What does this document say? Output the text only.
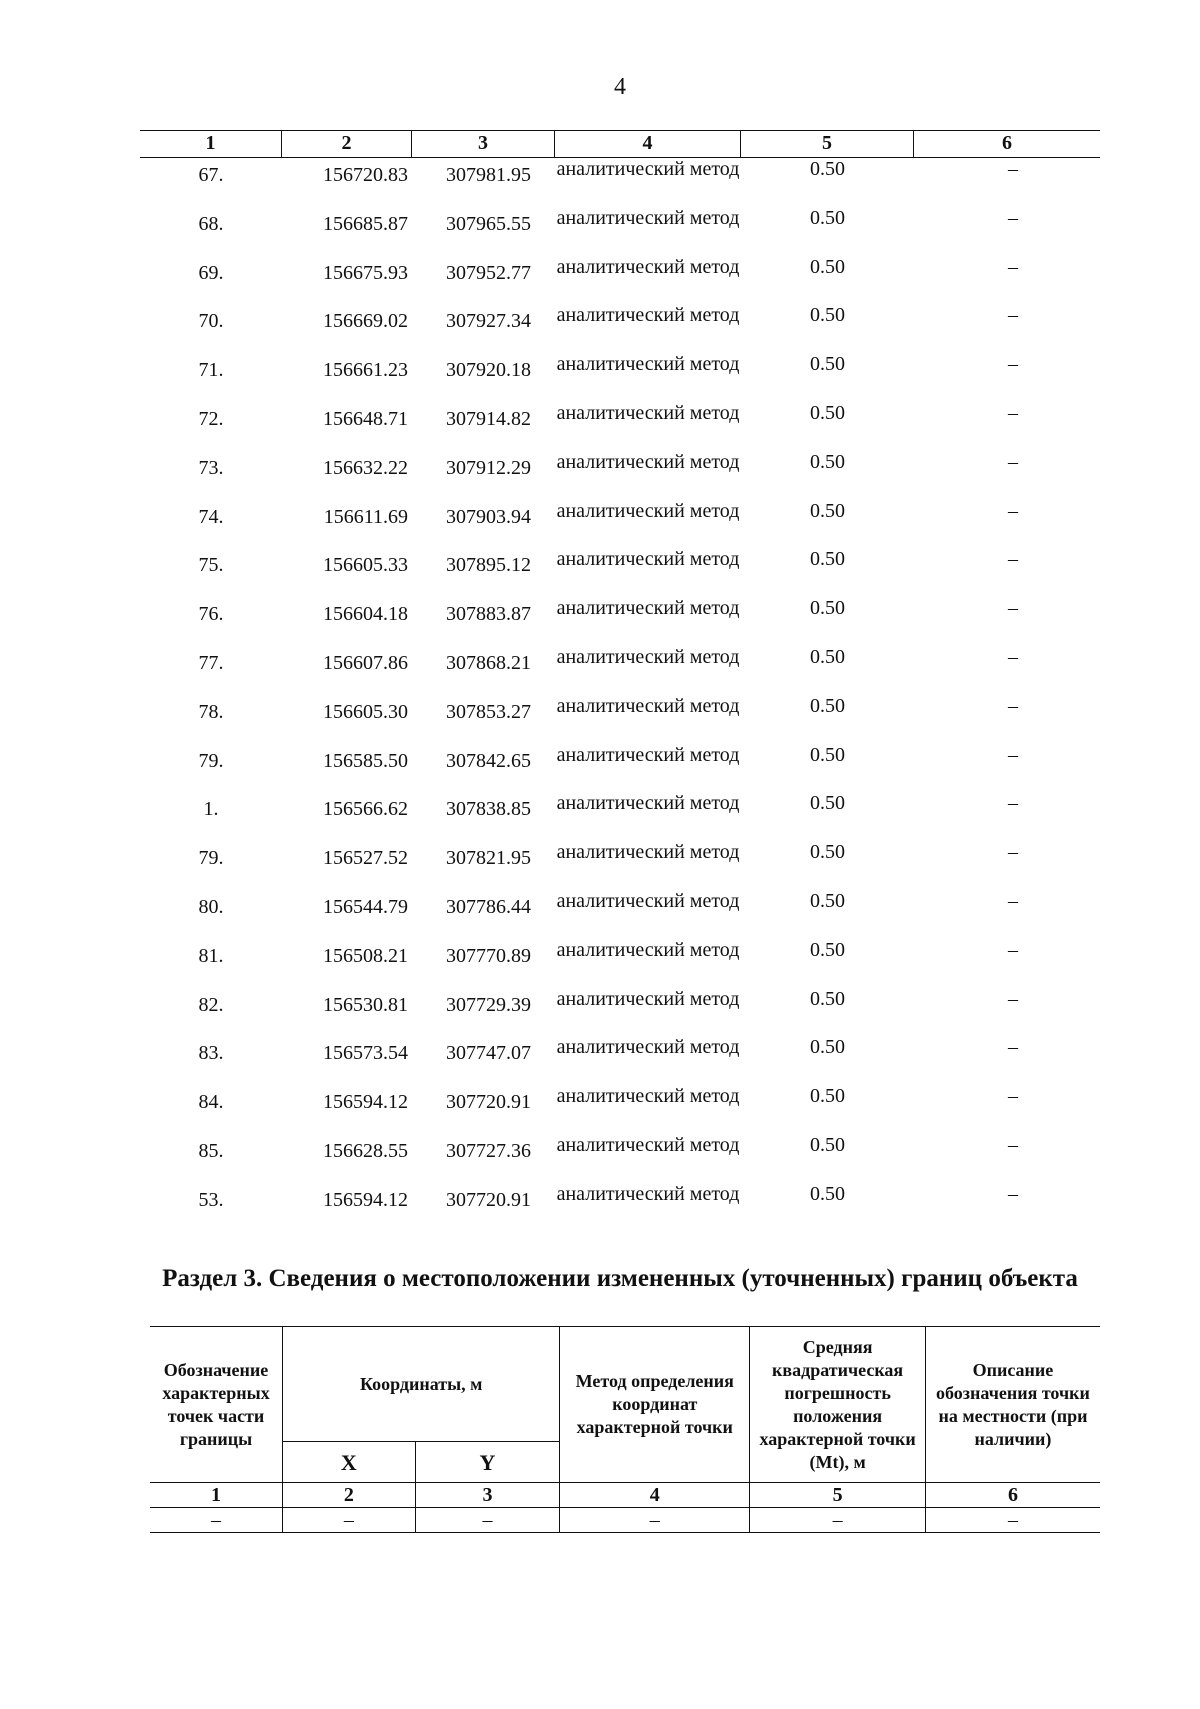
4
1	2	3	4	5	6
67.	156720.83	307981.95	аналитический метод	0.50	–
68.	156685.87	307965.55	аналитический метод	0.50	–
69.	156675.93	307952.77	аналитический метод	0.50	–
70.	156669.02	307927.34	аналитический метод	0.50	–
71.	156661.23	307920.18	аналитический метод	0.50	–
72.	156648.71	307914.82	аналитический метод	0.50	–
73.	156632.22	307912.29	аналитический метод	0.50	–
74.	156611.69	307903.94	аналитический метод	0.50	–
75.	156605.33	307895.12	аналитический метод	0.50	–
76.	156604.18	307883.87	аналитический метод	0.50	–
77.	156607.86	307868.21	аналитический метод	0.50	–
78.	156605.30	307853.27	аналитический метод	0.50	–
79.	156585.50	307842.65	аналитический метод	0.50	–
1.	156566.62	307838.85	аналитический метод	0.50	–
79.	156527.52	307821.95	аналитический метод	0.50	–
80.	156544.79	307786.44	аналитический метод	0.50	–
81.	156508.21	307770.89	аналитический метод	0.50	–
82.	156530.81	307729.39	аналитический метод	0.50	–
83.	156573.54	307747.07	аналитический метод	0.50	–
84.	156594.12	307720.91	аналитический метод	0.50	–
85.	156628.55	307727.36	аналитический метод	0.50	–
53.	156594.12	307720.91	аналитический метод	0.50	–
Раздел 3. Сведения о местоположении измененных (уточненных) границ объекта
Обозначение характерных точек части границы	Координаты, м		Метод определения координат характерной точки	Средняя квадратическая погрешность положения характерной точки (Mt), м	Описание обозначения точки на местности (при наличии)
	X	Y			
1	2	3	4	5	6
–	–	–	–	–	–
